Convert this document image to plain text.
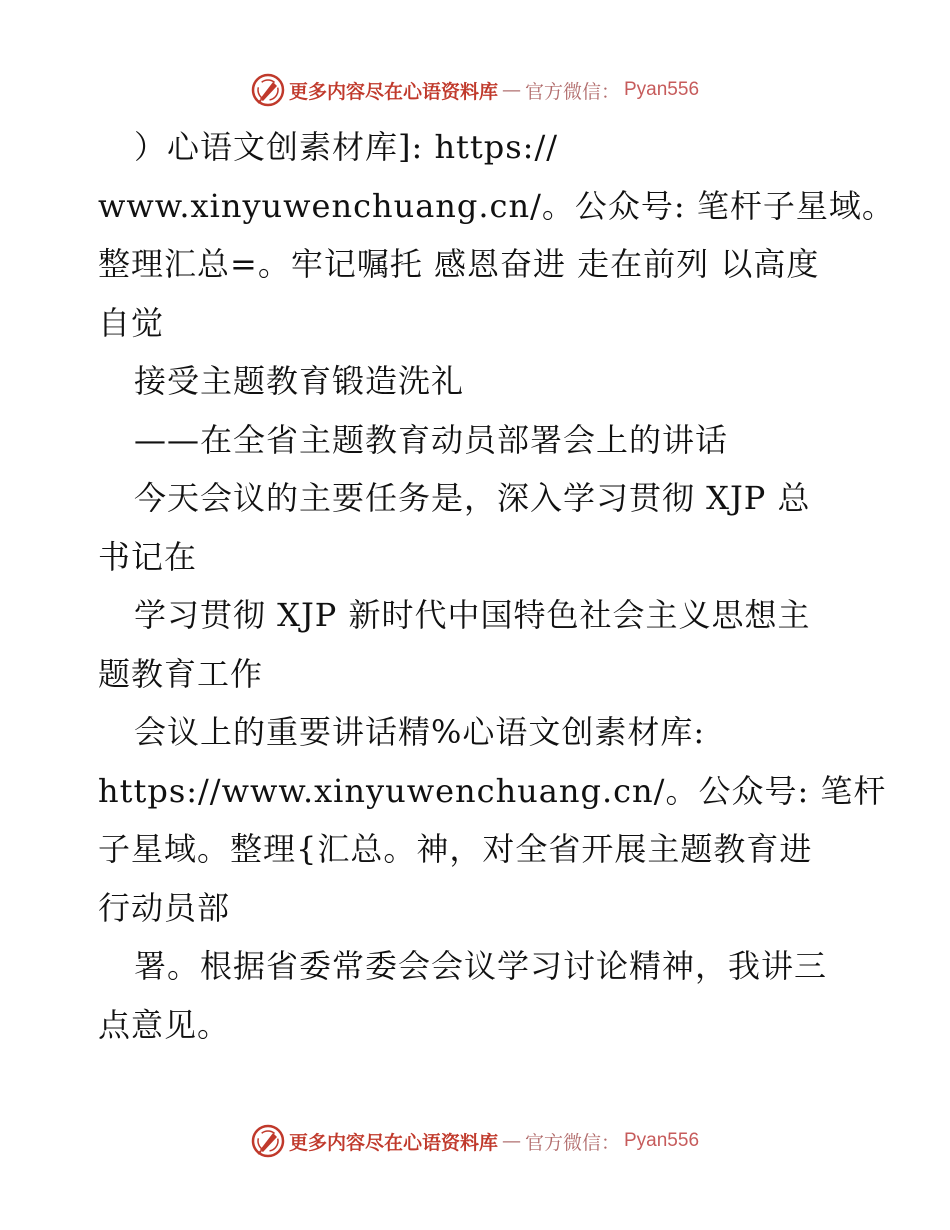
更多内容尽在心语资料库 — 官方微信： Pyan556
）心语文创素材库]: https://
www.xinyuwenchuang.cn/。公众号: 笔杆子星域。
整理汇总=。牢记嘱托 感恩奋进 走在前列 以高度
自觉
接受主题教育锻造洗礼
——在全省主题教育动员部署会上的讲话
今天会议的主要任务是，深入学习贯彻 XJP 总
书记在
学习贯彻 XJP 新时代中国特色社会主义思想主
题教育工作
会议上的重要讲话精%心语文创素材库:
https://www.xinyuwenchuang.cn/。公众号: 笔杆
子星域。整理{汇总。神，对全省开展主题教育进
行动员部
署。根据省委常委会会议学习讨论精神，我讲三
点意见。
更多内容尽在心语资料库 — 官方微信： Pyan556
